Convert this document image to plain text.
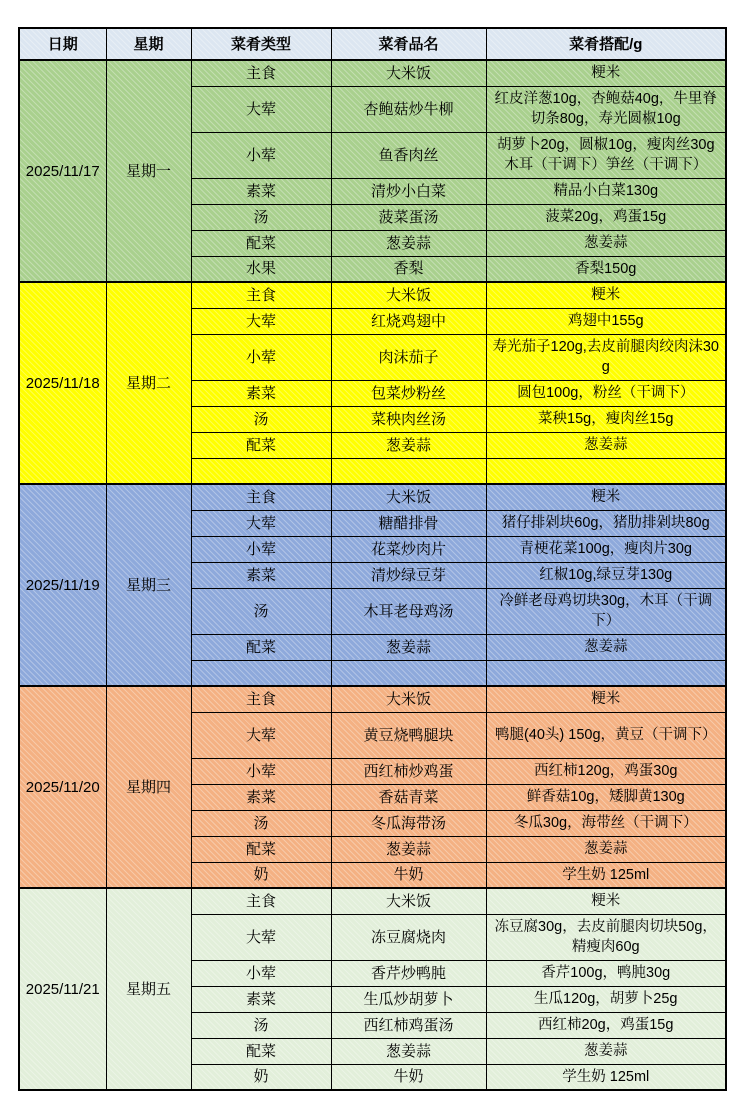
日期	星期	菜肴类型	菜肴品名	菜肴搭配/g
2025/11/17	星期一	主食	大米饭	粳米
		大荤	杏鲍菇炒牛柳	红皮洋葱10g，杏鲍菇40g，牛里脊切条80g，寿光圆椒10g
		小荤	鱼香肉丝	胡萝卜20g，圆椒10g，瘦肉丝30g 木耳（干调下）笋丝（干调下）
		素菜	清炒小白菜	精品小白菜130g
		汤	菠菜蛋汤	菠菜20g，鸡蛋15g
		配菜	葱姜蒜	葱姜蒜
		水果	香梨	香梨150g
2025/11/18	星期二	主食	大米饭	粳米
		大荤	红烧鸡翅中	鸡翅中155g
		小荤	肉沫茄子	寿光茄子120g,去皮前腿肉绞肉沫30g
		素菜	包菜炒粉丝	圆包100g，粉丝（干调下）
		汤	菜秧肉丝汤	菜秧15g，瘦肉丝15g
		配菜	葱姜蒜	葱姜蒜

2025/11/19	星期三	主食	大米饭	粳米
		大荤	糖醋排骨	猪仔排剁块60g，猪肋排剁块80g
		小荤	花菜炒肉片	青梗花菜100g，瘦肉片30g
		素菜	清炒绿豆芽	红椒10g,绿豆芽130g
		汤	木耳老母鸡汤	冷鲜老母鸡切块30g，木耳（干调下）
		配菜	葱姜蒜	葱姜蒜

2025/11/20	星期四	主食	大米饭	粳米
		大荤	黄豆烧鸭腿块	鸭腿(40头) 150g，黄豆（干调下）
		小荤	西红柿炒鸡蛋	西红柿120g，鸡蛋30g
		素菜	香菇青菜	鲜香菇10g，矮脚黄130g
		汤	冬瓜海带汤	冬瓜30g，海带丝（干调下）
		配菜	葱姜蒜	葱姜蒜
		奶	牛奶	学生奶 125ml
2025/11/21	星期五	主食	大米饭	粳米
		大荤	冻豆腐烧肉	冻豆腐30g，去皮前腿肉切块50g，精瘦肉60g
		小荤	香芹炒鸭肫	香芹100g，鸭肫30g
		素菜	生瓜炒胡萝卜	生瓜120g，胡萝卜25g
		汤	西红柿鸡蛋汤	西红柿20g，鸡蛋15g
		配菜	葱姜蒜	葱姜蒜
		奶	牛奶	学生奶 125ml
